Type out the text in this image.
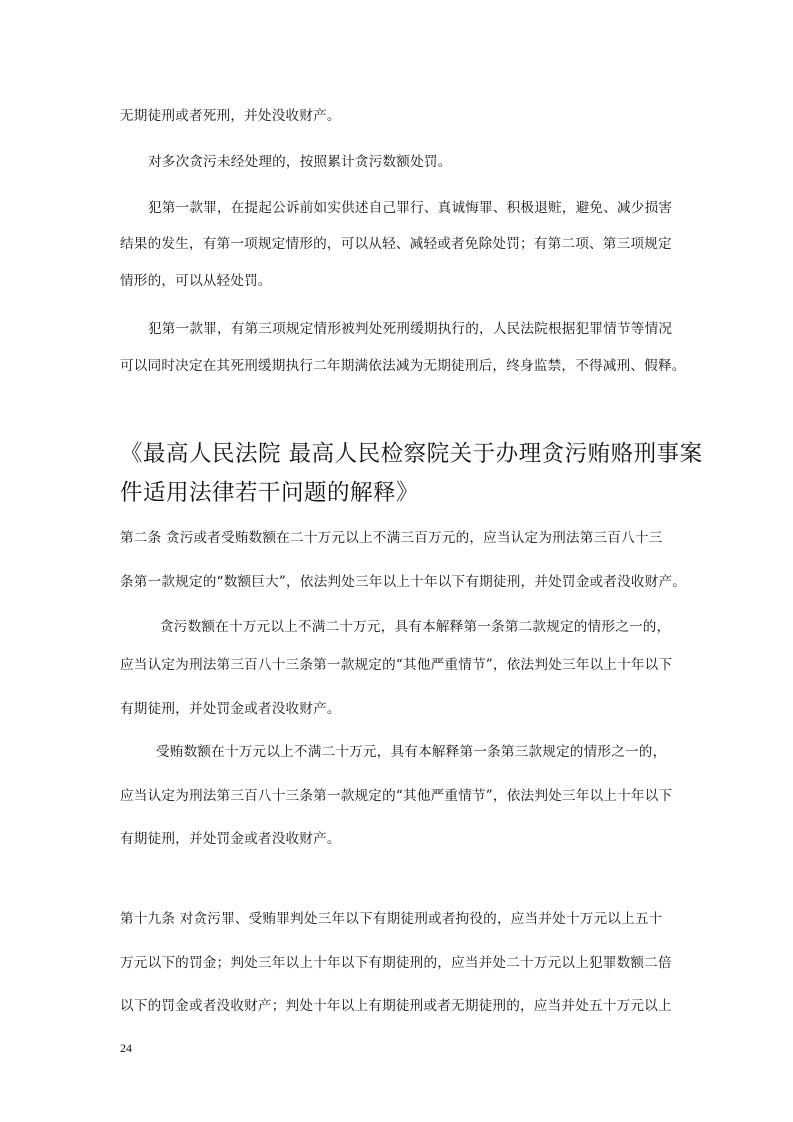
无期徒刑或者死刑，并处没收财产。
对多次贪污未经处理的，按照累计贪污数额处罚。
犯第一款罪，在提起公诉前如实供述自己罪行、真诚悔罪、积极退赃，避免、减少损害
结果的发生，有第一项规定情形的，可以从轻、减轻或者免除处罚；有第二项、第三项规定
情形的，可以从轻处罚。
犯第一款罪，有第三项规定情形被判处死刑缓期执行的，人民法院根据犯罪情节等情况
可以同时决定在其死刑缓期执行二年期满依法减为无期徒刑后，终身监禁，不得减刑、假释。
《最高人民法院 最高人民检察院关于办理贪污贿赂刑事案
件适用法律若干问题的解释》
第二条 贪污或者受贿数额在二十万元以上不满三百万元的，应当认定为刑法第三百八十三
条第一款规定的“数额巨大”，依法判处三年以上十年以下有期徒刑，并处罚金或者没收财产。
贪污数额在十万元以上不满二十万元，具有本解释第一条第二款规定的情形之一的，
应当认定为刑法第三百八十三条第一款规定的“其他严重情节”，依法判处三年以上十年以下
有期徒刑，并处罚金或者没收财产。
受贿数额在十万元以上不满二十万元，具有本解释第一条第三款规定的情形之一的，
应当认定为刑法第三百八十三条第一款规定的“其他严重情节”，依法判处三年以上十年以下
有期徒刑，并处罚金或者没收财产。
第十九条 对贪污罪、受贿罪判处三年以下有期徒刑或者拘役的，应当并处十万元以上五十
万元以下的罚金；判处三年以上十年以下有期徒刑的，应当并处二十万元以上犯罪数额二倍
以下的罚金或者没收财产；判处十年以上有期徒刑或者无期徒刑的，应当并处五十万元以上
24
